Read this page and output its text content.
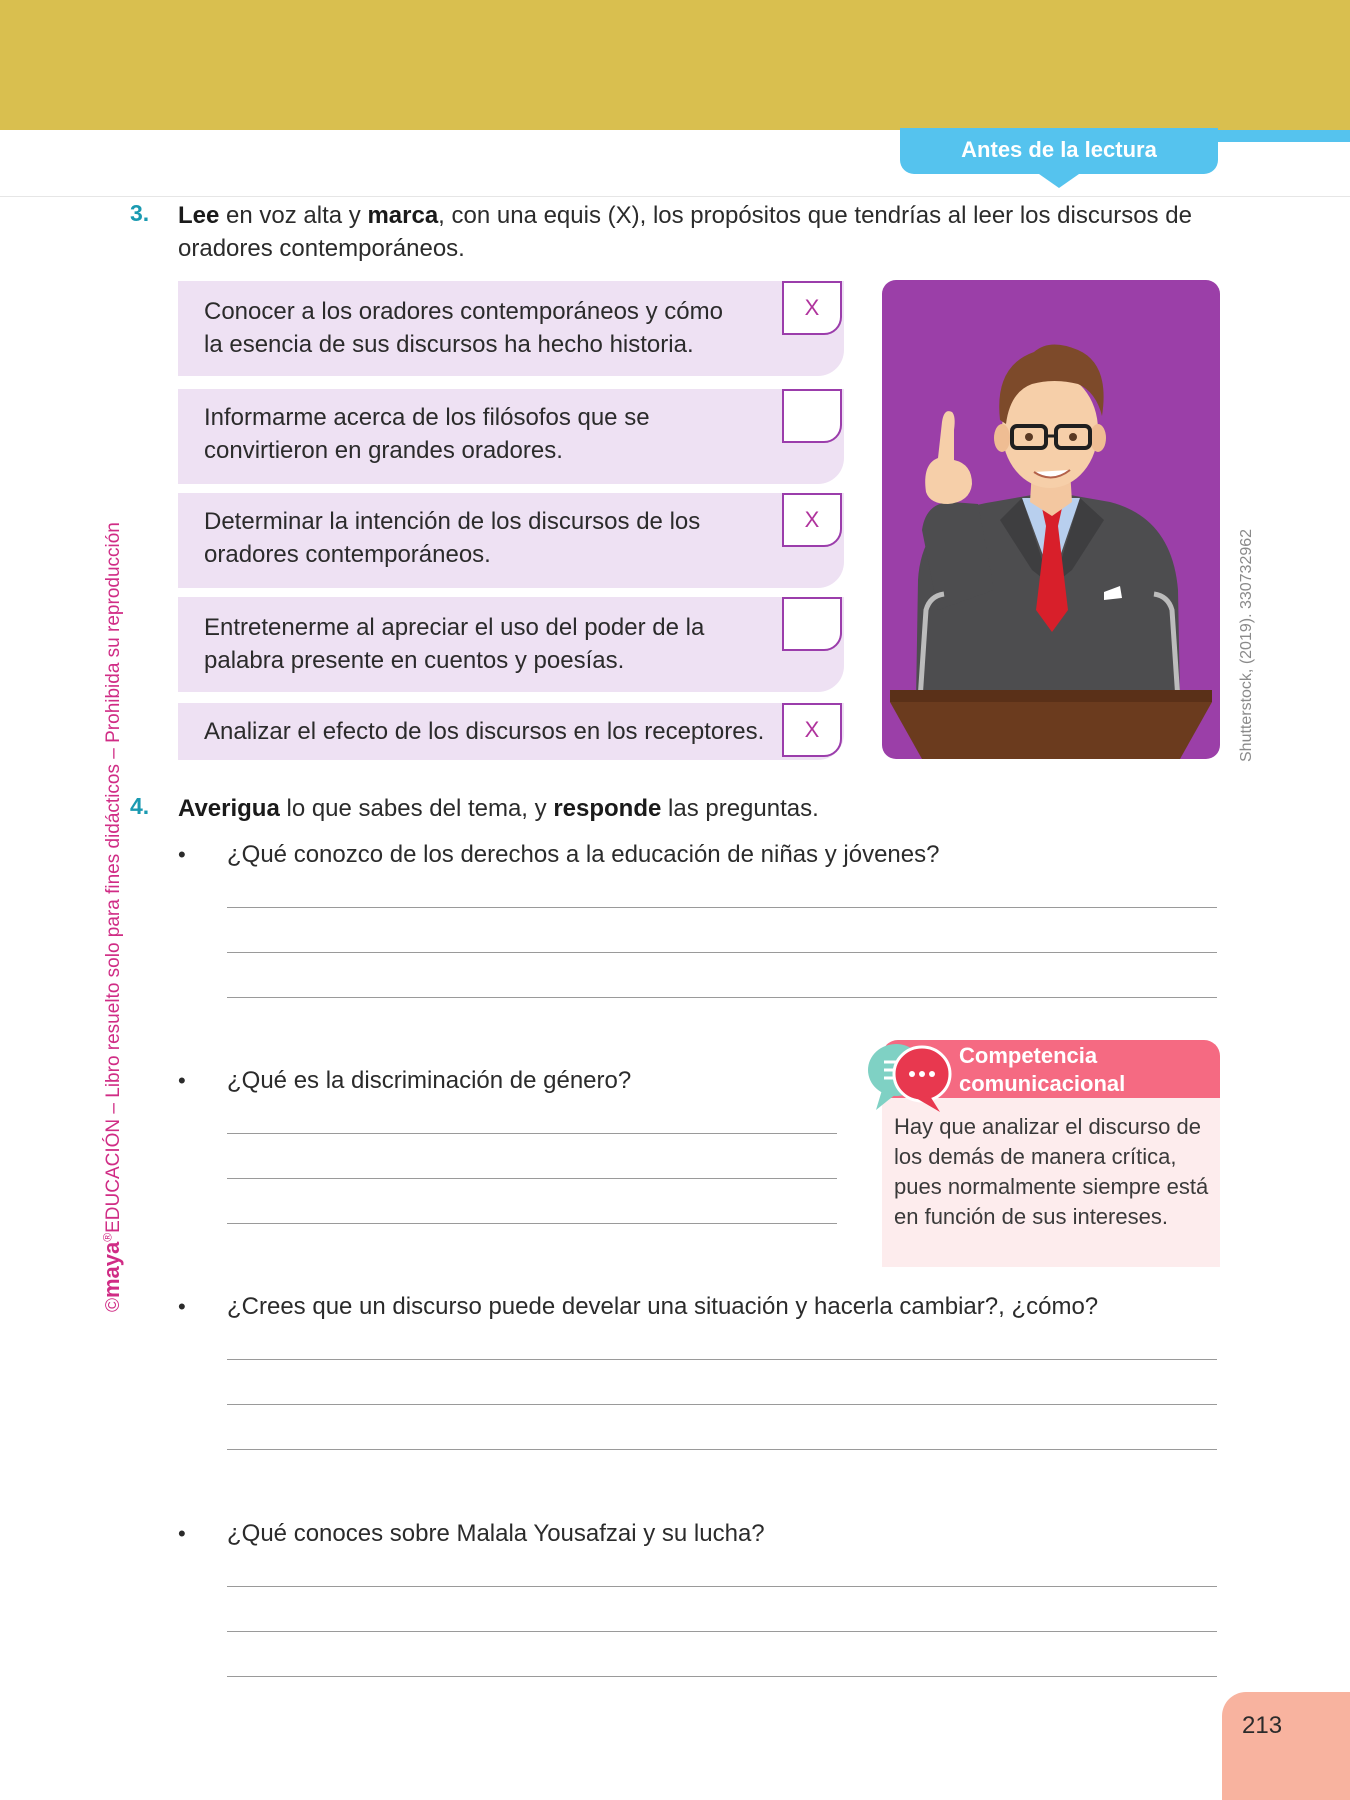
Antes de la lectura
©maya®EDUCACIÓN – Libro resuelto solo para fines didácticos – Prohibida su reproducción
3. Lee en voz alta y marca, con una equis (X), los propósitos que tendrías al leer los discursos de oradores contemporáneos.
Conocer a los oradores contemporáneos y cómo la esencia de sus discursos ha hecho historia.
X
Informarme acerca de los filósofos que se convirtieron en grandes oradores.
Determinar la intención de los discursos de los oradores contemporáneos.
X
Entretenerme al apreciar el uso del poder de la palabra presente en cuentos y poesías.
Analizar el efecto de los discursos en los receptores.	X	Shutterstock, (2019). 330732962
4. Averigua lo que sabes del tema, y responde las preguntas.
• ¿Qué conozco de los derechos a la educación de niñas y jóvenes?
• ¿Qué es la discriminación de género?
Competencia
comunicacional
Hay que analizar el discurso de los demás de manera crítica, pues normalmente siempre está en función de sus intereses.
• ¿Crees que un discurso puede develar una situación y hacerla cambiar?, ¿cómo?
• ¿Qué conoces sobre Malala Yousafzai y su lucha?
213
